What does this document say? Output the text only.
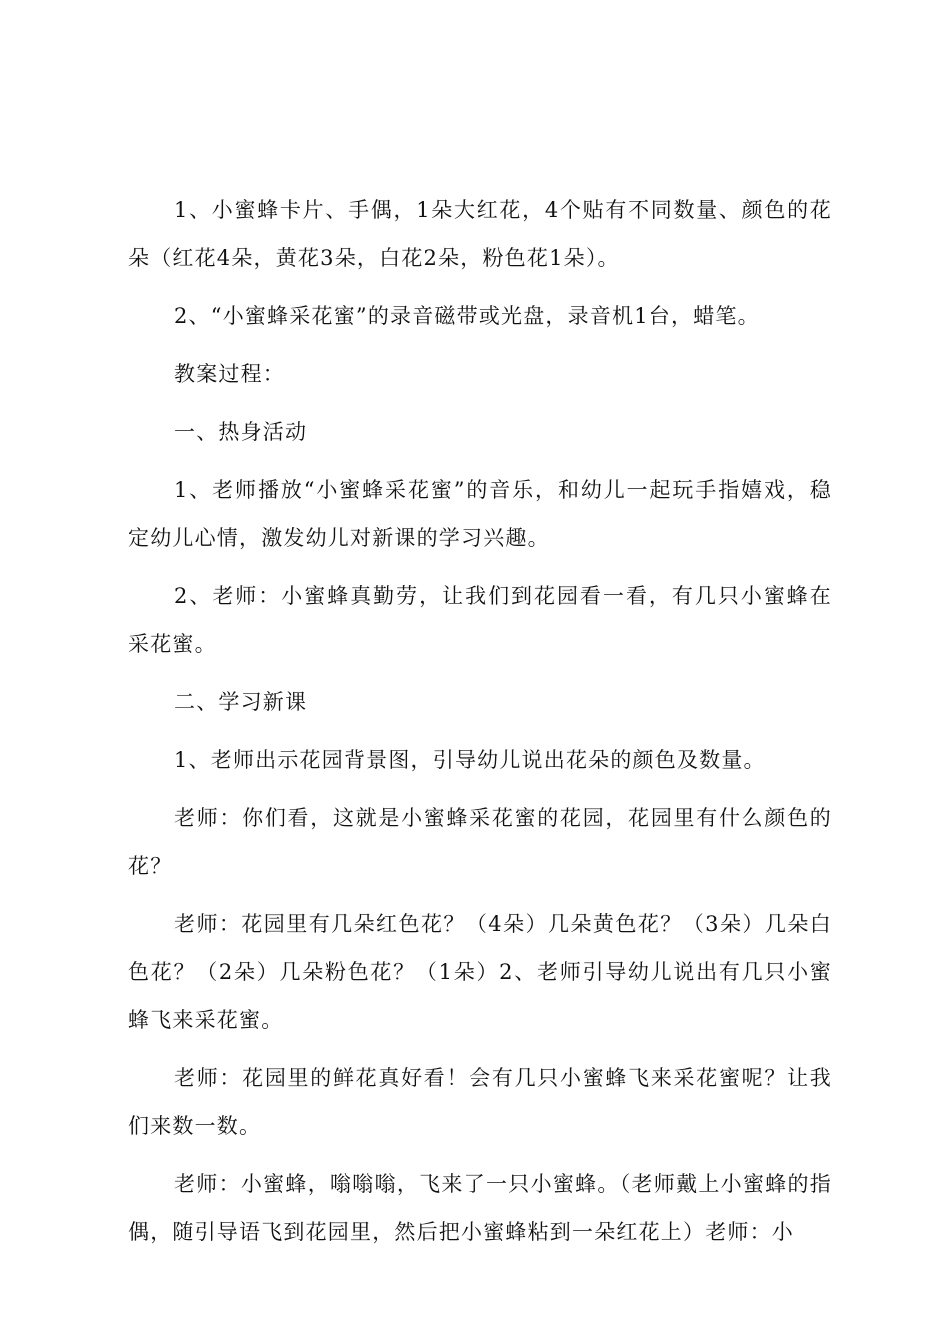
1、小蜜蜂卡片、手偶，1朵大红花，4个贴有不同数量、颜色的花朵（红花4朵，黄花3朵，白花2朵，粉色花1朵）。

2、“小蜜蜂采花蜜”的录音磁带或光盘，录音机1台，蜡笔。

教案过程：

一、热身活动

1、老师播放“小蜜蜂采花蜜”的音乐，和幼儿一起玩手指嬉戏，稳定幼儿心情，激发幼儿对新课的学习兴趣。

2、老师：小蜜蜂真勤劳，让我们到花园看一看，有几只小蜜蜂在采花蜜。

二、学习新课

1、老师出示花园背景图，引导幼儿说出花朵的颜色及数量。

老师：你们看，这就是小蜜蜂采花蜜的花园，花园里有什么颜色的花？

老师：花园里有几朵红色花？（4朵）几朵黄色花？（3朵）几朵白色花？（2朵）几朵粉色花？（1朵）2、老师引导幼儿说出有几只小蜜蜂飞来采花蜜。

老师：花园里的鲜花真好看！会有几只小蜜蜂飞来采花蜜呢？让我们来数一数。

老师：小蜜蜂，嗡嗡嗡，飞来了一只小蜜蜂。（老师戴上小蜜蜂的指偶，随引导语飞到花园里，然后把小蜜蜂粘到一朵红花上）老师：小
